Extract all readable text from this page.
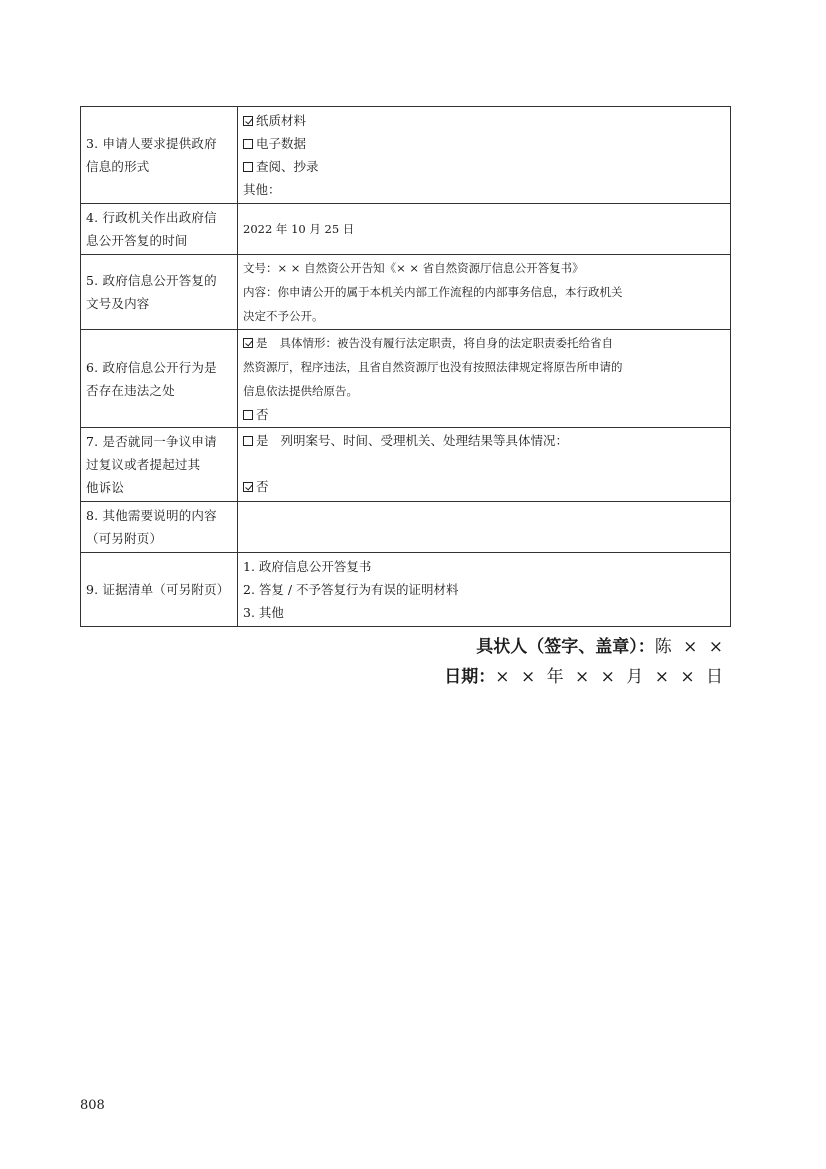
3. 申请人要求提供政府
信息的形式	纸质材料
电子数据
查阅、抄录
其他：

4. 行政机关作出政府信
息公开答复的时间	2022 年 10 月 25 日

5. 政府信息公开答复的
文号及内容	文号：× × 自然资公开告知《× × 省自然资源厅信息公开答复书》
内容：你申请公开的属于本机关内部工作流程的内部事务信息，本行政机关
决定不予公开。

6. 政府信息公开行为是
否存在违法之处	是 具体情形：被告没有履行法定职责，将自身的法定职责委托给省自
然资源厅，程序违法，且省自然资源厅也没有按照法律规定将原告所申请的
信息依法提供给原告。
否

7. 是否就同一争议申请
过复议或者提起过其
他诉讼	是 列明案号、时间、受理机关、处理结果等具体情况：

否

8. 其他需要说明的内容
（可另附页）	

9. 证据清单（可另附页）	1. 政府信息公开答复书
2. 答复 / 不予答复行为有误的证明材料
3. 其他
具状人（签字、盖章）：陈 × ×
日期：× × 年 × × 月 × × 日
808
